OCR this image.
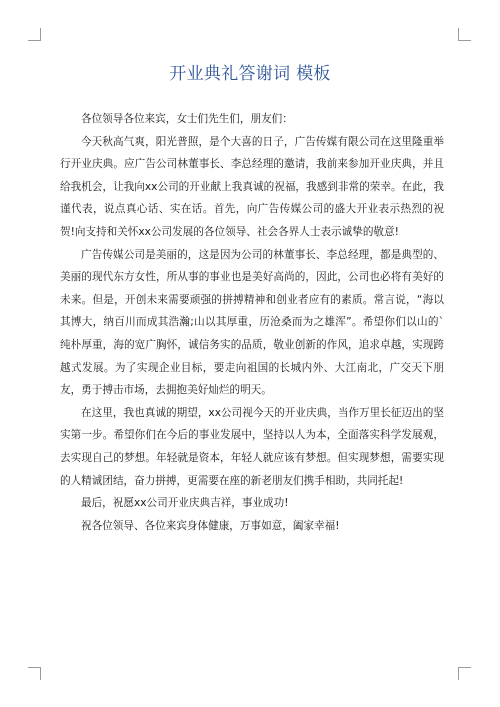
开业典礼答谢词 模板

各位领导各位来宾，女士们先生们，朋友们：

今天秋高气爽，阳光普照，是个大喜的日子，广告传媒有限公司在这里隆重举行开业庆典。应广告公司林董事长、李总经理的邀请，我前来参加开业庆典，并且给我机会，让我向xx公司的开业献上我真诚的祝福，我感到非常的荣幸。在此，我谨代表，说点真心话、实在话。首先，向广告传媒公司的盛大开业表示热烈的祝贺!向支持和关怀xx公司发展的各位领导、社会各界人士表示诚挚的敬意!

广告传媒公司是美丽的，这是因为公司的林董事长、李总经理，都是典型的、美丽的现代东方女性，所从事的事业也是美好高尚的，因此，公司也必将有美好的未来。但是，开创未来需要顽强的拼搏精神和创业者应有的素质。常言说，“海以其博大，纳百川而成其浩瀚;山以其厚重，历沧桑而为之雄浑”。希望你们以山的`纯朴厚重，海的宽广胸怀，诚信务实的品质，敬业创新的作风，追求卓越，实现跨越式发展。为了实现企业目标，要走向祖国的长城内外、大江南北，广交天下朋友，勇于搏击市场，去拥抱美好灿烂的明天。

在这里，我也真诚的期望，xx公司视今天的开业庆典，当作万里长征迈出的坚实第一步。希望你们在今后的事业发展中，坚持以人为本，全面落实科学发展观，去实现自己的梦想。年轻就是资本，年轻人就应该有梦想。但实现梦想，需要实现的人精诚团结，奋力拼搏，更需要在座的新老朋友们携手相助，共同托起!

最后，祝愿xx公司开业庆典吉祥，事业成功!

祝各位领导、各位来宾身体健康，万事如意，阖家幸福!
